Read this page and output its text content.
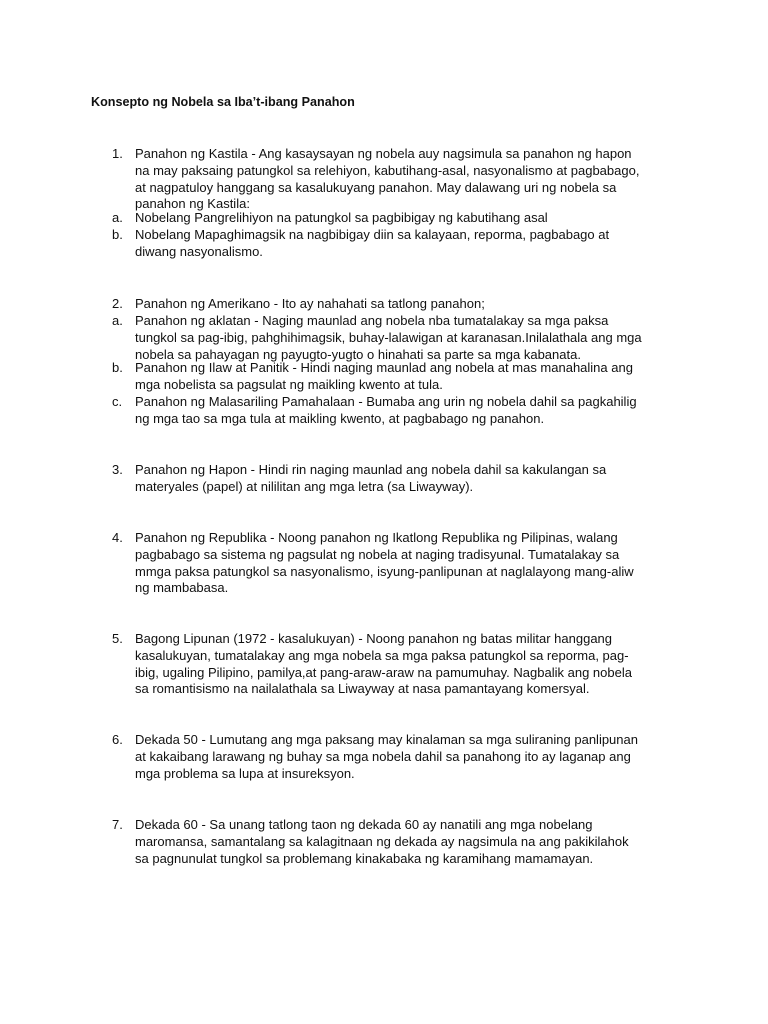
Konsepto ng Nobela sa Iba’t-ibang Panahon
1. Panahon ng Kastila - Ang kasaysayan ng nobela auy nagsimula sa panahon ng hapon
na may paksaing patungkol sa relehiyon, kabutihang-asal, nasyonalismo at pagbabago,
at nagpatuloy hanggang sa kasalukuyang panahon. May dalawang uri ng nobela sa
panahon ng Kastila:
a. Nobelang Pangrelihiyon na patungkol sa pagbibigay ng kabutihang asal
b. Nobelang Mapaghimagsik na nagbibigay diin sa kalayaan, reporma, pagbabago at
diwang nasyonalismo.
2. Panahon ng Amerikano - Ito ay nahahati sa tatlong panahon;
a. Panahon ng aklatan - Naging maunlad ang nobela nba tumatalakay sa mga paksa
tungkol sa pag-ibig, pahghihimagsik, buhay-lalawigan at karanasan.Inilalathala ang mga
nobela sa pahayagan ng payugto-yugto o hinahati sa parte sa mga kabanata.
b. Panahon ng Ilaw at Panitik - Hindi naging maunlad ang nobela at mas manahalina ang
mga nobelista sa pagsulat ng maikling kwento at tula.
c. Panahon ng Malasariling Pamahalaan - Bumaba ang urin ng nobela dahil sa pagkahilig
ng mga tao sa mga tula at maikling kwento, at pagbabago ng panahon.
3. Panahon ng Hapon - Hindi rin naging maunlad ang nobela dahil sa kakulangan sa
materyales (papel) at nililitan ang mga letra (sa Liwayway).
4. Panahon ng Republika - Noong panahon ng Ikatlong Republika ng Pilipinas, walang
pagbabago sa sistema ng pagsulat ng nobela at naging tradisyunal. Tumatalakay sa
mmga paksa patungkol sa nasyonalismo, isyung-panlipunan at naglalayong mang-aliw
ng mambabasa.
5. Bagong Lipunan (1972 - kasalukuyan) - Noong panahon ng batas militar hanggang
kasalukuyan, tumatalakay ang mga nobela sa mga paksa patungkol sa reporma, pag-
ibig, ugaling Pilipino, pamilya,at pang-araw-araw na pamumuhay. Nagbalik ang nobela
sa romantisismo na nailalathala sa Liwayway at nasa pamantayang komersyal.
6. Dekada 50 - Lumutang ang mga paksang may kinalaman sa mga suliraning panlipunan
at kakaibang larawang ng buhay sa mga nobela dahil sa panahong ito ay laganap ang
mga problema sa lupa at insureksyon.
7. Dekada 60 - Sa unang tatlong taon ng dekada 60 ay nanatili ang mga nobelang
maromansa, samantalang sa kalagitnaan ng dekada ay nagsimula na ang pakikilahok
sa pagnunulat tungkol sa problemang kinakabaka ng karamihang mamamayan.
